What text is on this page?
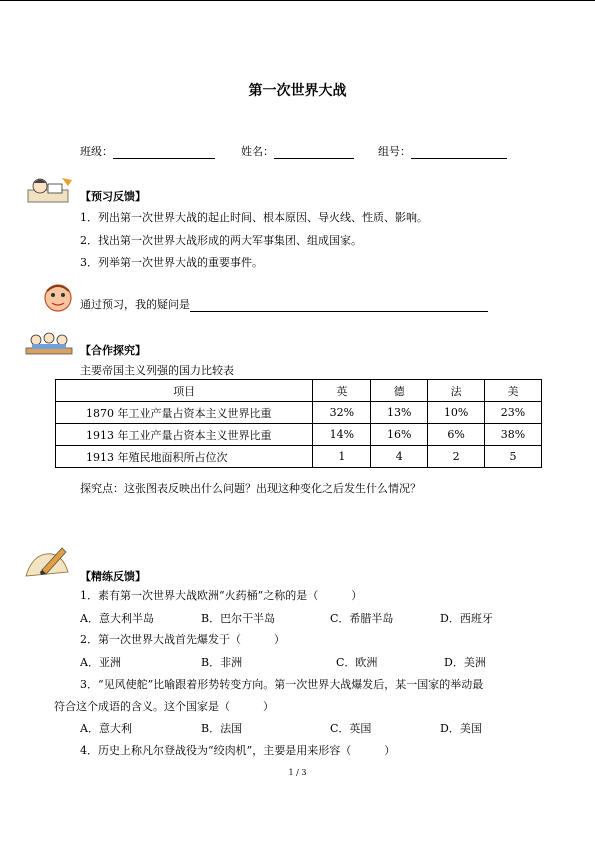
第一次世界大战
班级：	姓名：	组号：
【预习反馈】
1．列出第一次世界大战的起止时间、根本原因、导火线、性质、影响。
2．找出第一次世界大战形成的两大军事集团、组成国家。
3．列举第一次世界大战的重要事件。
通过预习，我的疑问是
【合作探究】
主要帝国主义列强的国力比较表
项目	英	德	法	美
1870 年工业产量占资本主义世界比重	32%	13%	10%	23%
1913 年工业产量占资本主义世界比重	14%	16%	6%	38%
1913 年殖民地面积所占位次	1	4	2	5
探究点：这张图表反映出什么问题？出现这种变化之后发生什么情况？
【精练反馈】
1．素有第一次世界大战欧洲“火药桶”之称的是（　　　）
A．意大利半岛	B．巴尔干半岛	C．希腊半岛	D．西班牙
2．第一次世界大战首先爆发于（　　　）
A．亚洲	B．非洲	C．欧洲	D．美洲
3．“见风使舵”比喻跟着形势转变方向。第一次世界大战爆发后，某一国家的举动最
符合这个成语的含义。这个国家是（　　　）
A．意大利	B．法国	C．英国	D．美国
4．历史上称凡尔登战役为“绞肉机”，主要是用来形容（　　　）
1 / 3
